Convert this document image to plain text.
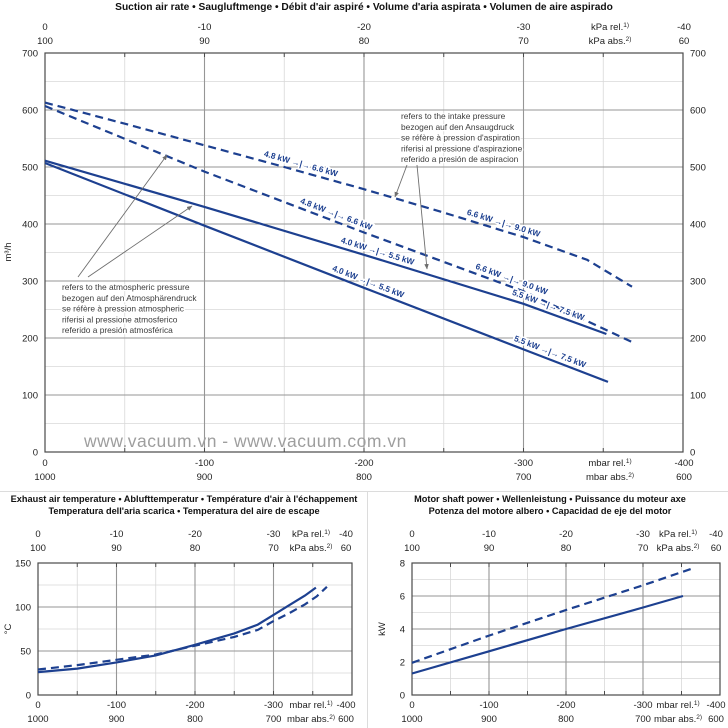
Suction air rate • Saugluftmenge • Débit d'air aspiré • Volume d'aria aspirata • Volumen de aire aspirado
4.8 kW →|→ 6.6 kW
6.6 kW →|→ 9.0 kW
4.8 kW →|→ 6.6 kW
6.6 kW →|→ 9.0 kW
4.0 kW →|→ 5.5 kW
5.5 kW →|→ 7.5 kW
4.0 kW →|→ 5.5 kW
5.5 kW →|→ 7.5 kW
0	-10	-20	-30	-40
kPa rel.$^{1)}$
100	90	80	70	60
kPa abs.$^{2)}$
0	-100	-200	-300	-400
mbar rel.$^{1)}$
1000	900	800	700	600
mbar abs.$^{2)}$
0	0
100	100
200	200
300	300
400	400
500	500
600	600
700	700
m³/h
refers to the atmospheric pressure
bezogen auf den Atmosphärendruck
se réfère à pression atmospheric
riferisi al pressione atmosferico
referido a presión atmosférica
refers to the intake pressure
bezogen auf den Ansaugdruck
se réfère à pression d'aspiration
riferisi al pressione d'aspirazione
referido a presión de aspiracion
www.vacuum.vn - www.vacuum.com.vn
Exhaust air temperature • Ablufttemperatur • Température d'air à l'échappement
Temperatura dell'aria scarica • Temperatura del aire de escape
0	-10	-20	-30	-40
kPa rel.$^{1)}$
100	90	80	70	60
kPa abs.$^{2)}$
0	-100	-200	-300	-400
mbar rel.$^{1)}$
1000	900	800	700	600
mbar abs.$^{2)}$
0
50
100
150
°C
Motor shaft power • Wellenleistung • Puissance du moteur axe
Potenza del motore albero • Capacidad de eje del motor
0	-10	-20	-30	-40
kPa rel.$^{1)}$
100	90	80	70	60
kPa abs.$^{2)}$
0	-100	-200	-300	-400
mbar rel.$^{1)}$
1000	900	800	700	600
mbar abs.$^{2)}$
0
2
4
6
8
kW
